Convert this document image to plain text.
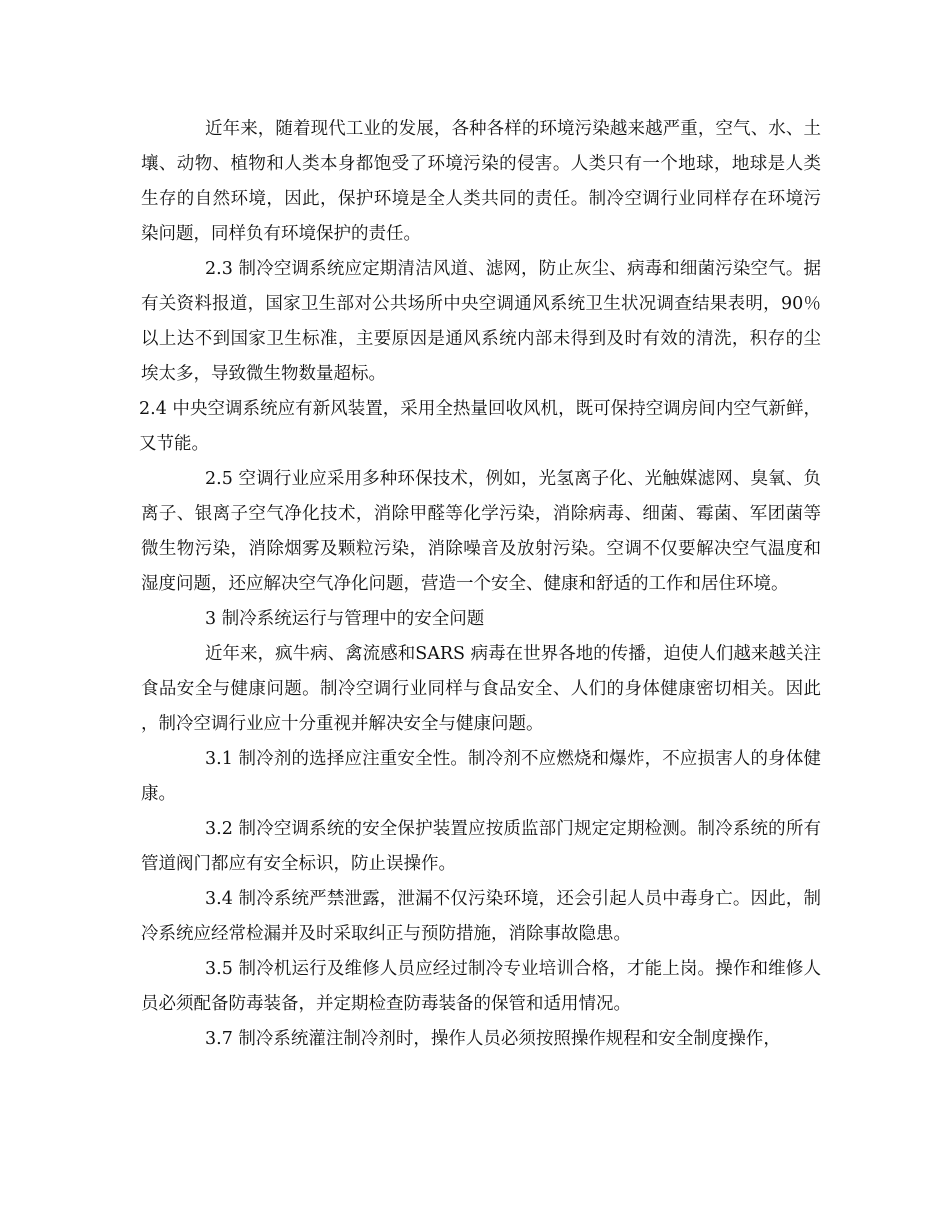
近年来，随着现代工业的发展，各种各样的环境污染越来越严重，空气、水、土壤、动物、植物和人类本身都饱受了环境污染的侵害。人类只有一个地球，地球是人类生存的自然环境，因此，保护环境是全人类共同的责任。制冷空调行业同样存在环境污染问题，同样负有环境保护的责任。

2.3 制冷空调系统应定期清洁风道、滤网，防止灰尘、病毒和细菌污染空气。据有关资料报道，国家卫生部对公共场所中央空调通风系统卫生状况调查结果表明，90％以上达不到国家卫生标准，主要原因是通风系统内部未得到及时有效的清洗，积存的尘埃太多，导致微生物数量超标。

2.4 中央空调系统应有新风装置，采用全热量回收风机，既可保持空调房间内空气新鲜，又节能。

2.5 空调行业应采用多种环保技术，例如，光氢离子化、光触媒滤网、臭氧、负离子、银离子空气净化技术，消除甲醛等化学污染，消除病毒、细菌、霉菌、军团菌等微生物污染，消除烟雾及颗粒污染，消除噪音及放射污染。空调不仅要解决空气温度和湿度问题，还应解决空气净化问题，营造一个安全、健康和舒适的工作和居住环境。

3 制冷系统运行与管理中的安全问题

近年来，疯牛病、禽流感和SARS 病毒在世界各地的传播，迫使人们越来越关注食品安全与健康问题。制冷空调行业同样与食品安全、人们的身体健康密切相关。因此，制冷空调行业应十分重视并解决安全与健康问题。

3.1 制冷剂的选择应注重安全性。制冷剂不应燃烧和爆炸，不应损害人的身体健康。

3.2 制冷空调系统的安全保护装置应按质监部门规定定期检测。制冷系统的所有管道阀门都应有安全标识，防止误操作。

3.4 制冷系统严禁泄露，泄漏不仅污染环境，还会引起人员中毒身亡。因此，制冷系统应经常检漏并及时采取纠正与预防措施，消除事故隐患。

3.5 制冷机运行及维修人员应经过制冷专业培训合格，才能上岗。操作和维修人员必须配备防毒装备，并定期检查防毒装备的保管和适用情况。

3.7 制冷系统灌注制冷剂时，操作人员必须按照操作规程和安全制度操作，
